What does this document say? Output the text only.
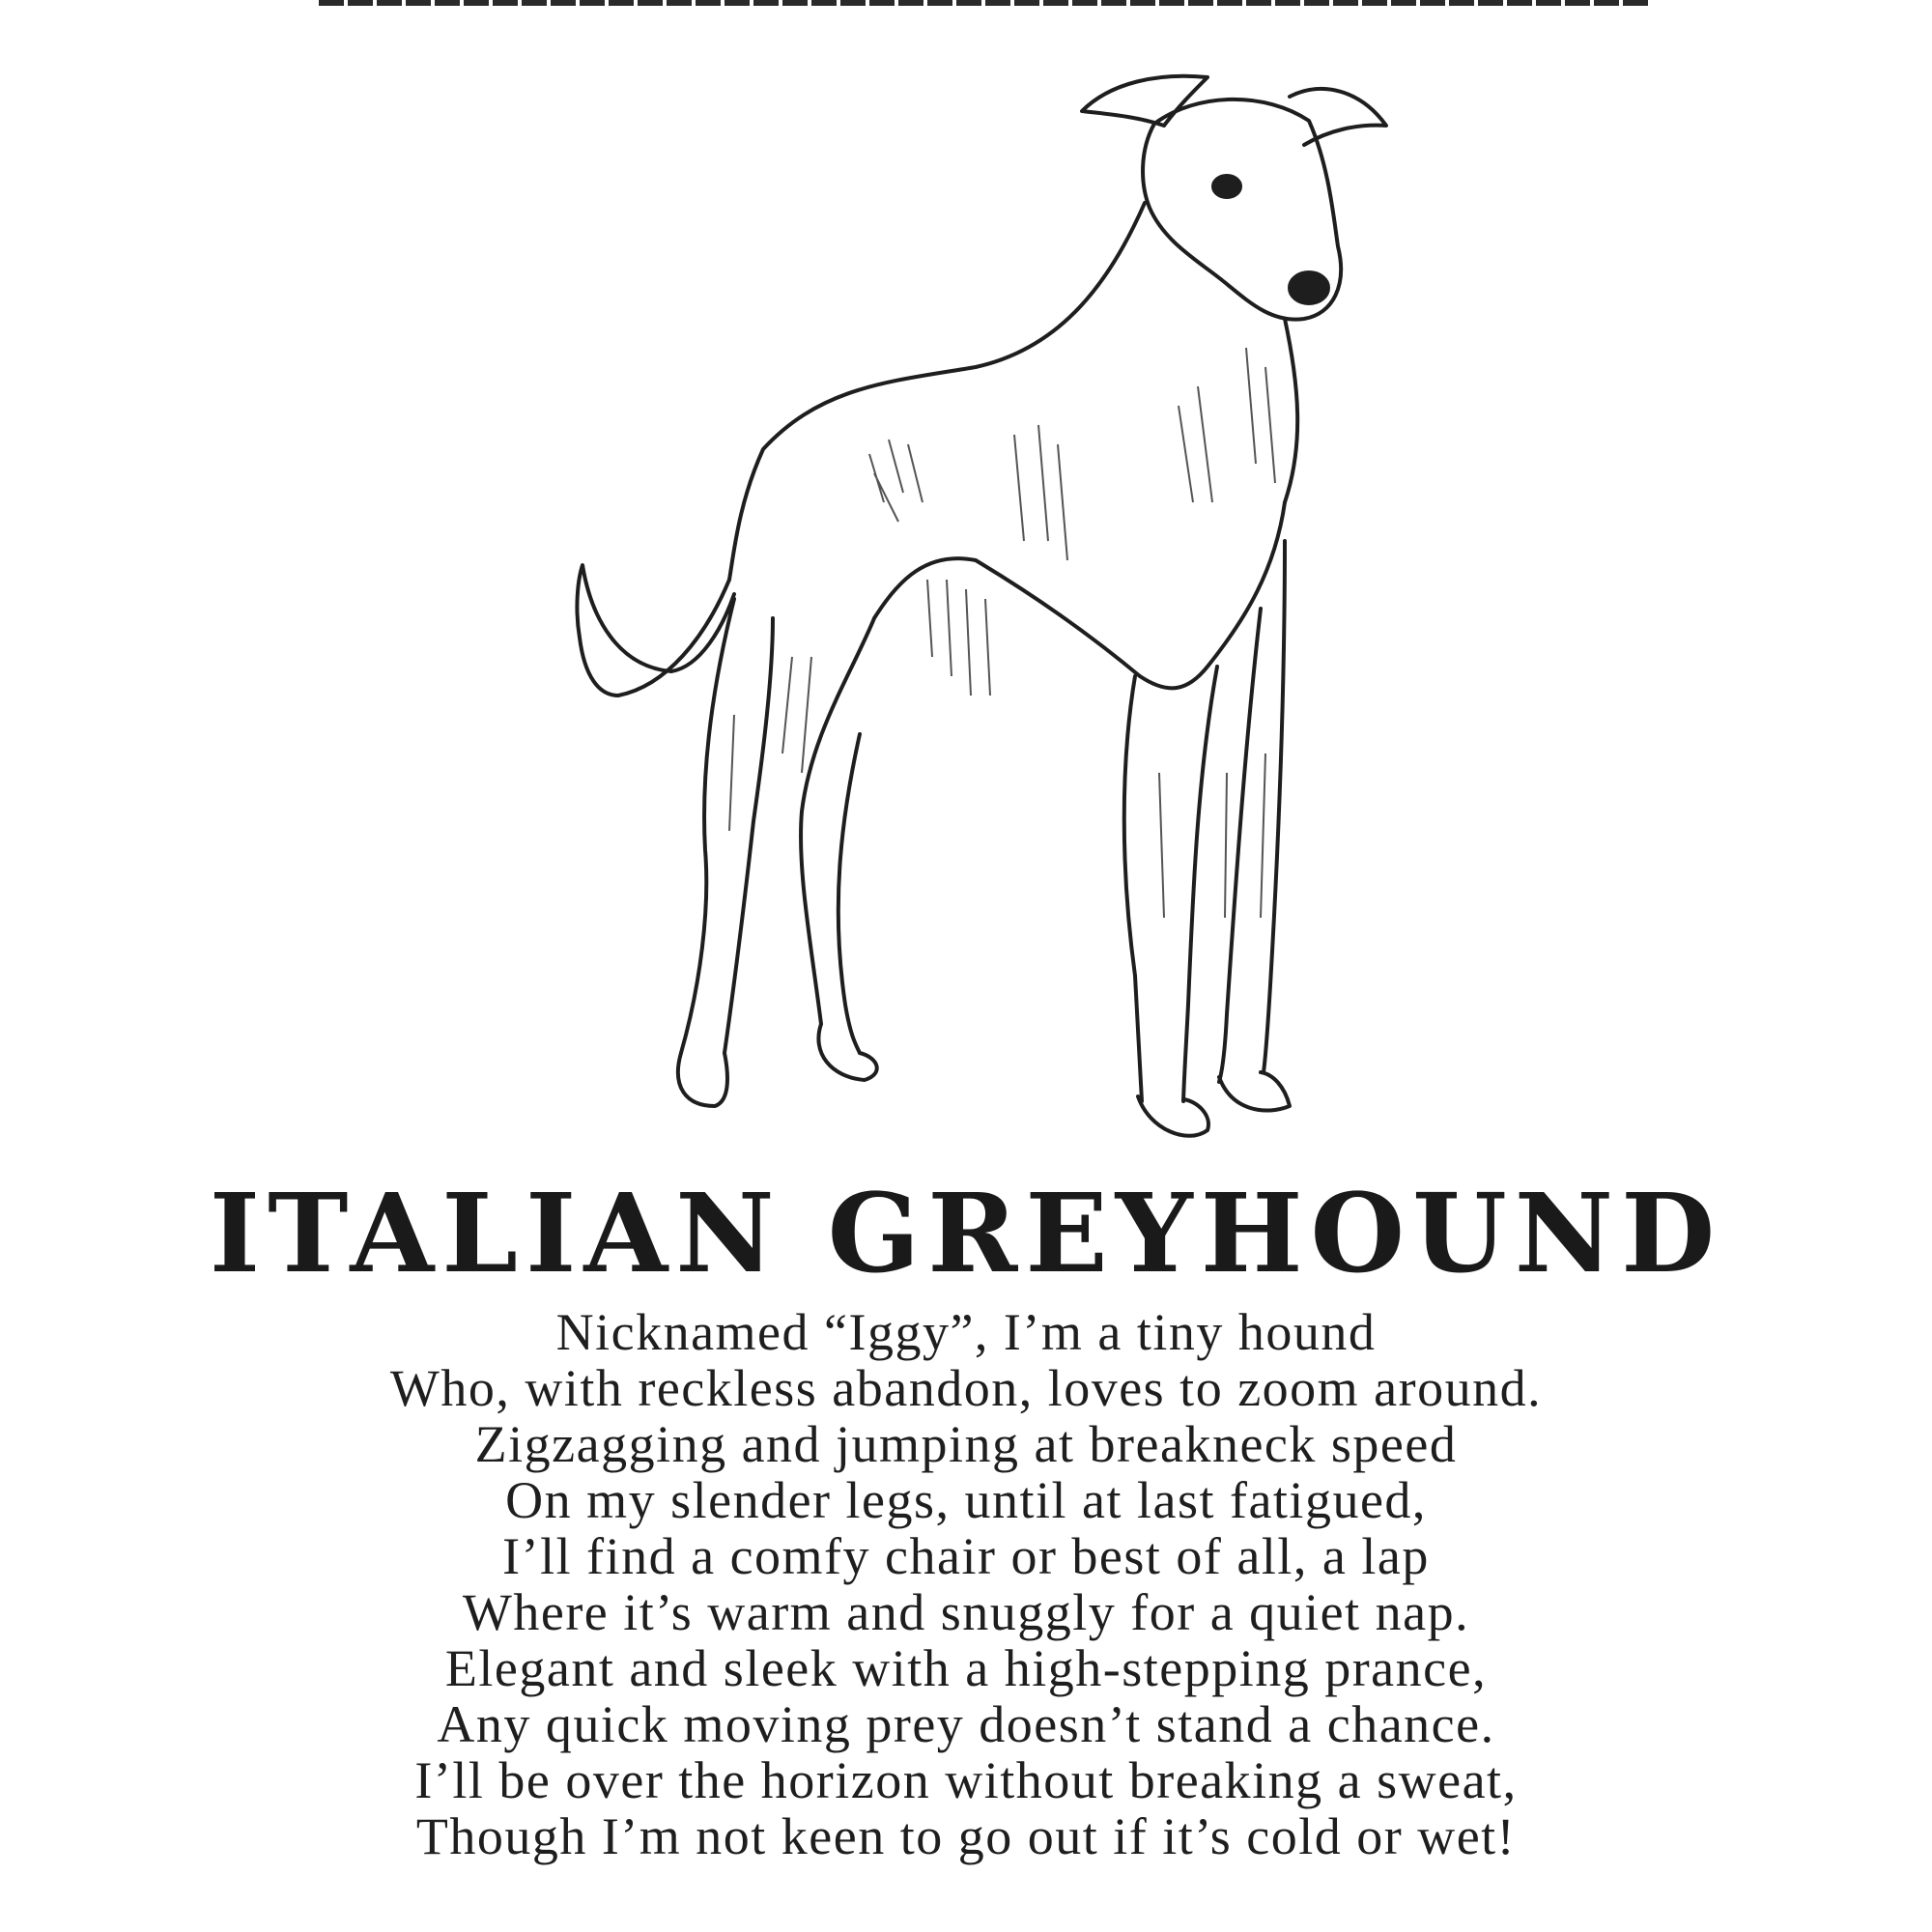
ITALIAN GREYHOUND
Nicknamed “Iggy”, I’m a tiny hound
Who, with reckless abandon, loves to zoom around.
Zigzagging and jumping at breakneck speed
On my slender legs, until at last fatigued,
I’ll find a comfy chair or best of all, a lap
Where it’s warm and snuggly for a quiet nap.
Elegant and sleek with a high-stepping prance,
Any quick moving prey doesn’t stand a chance.
I’ll be over the horizon without breaking a sweat,
Though I’m not keen to go out if it’s cold or wet!
